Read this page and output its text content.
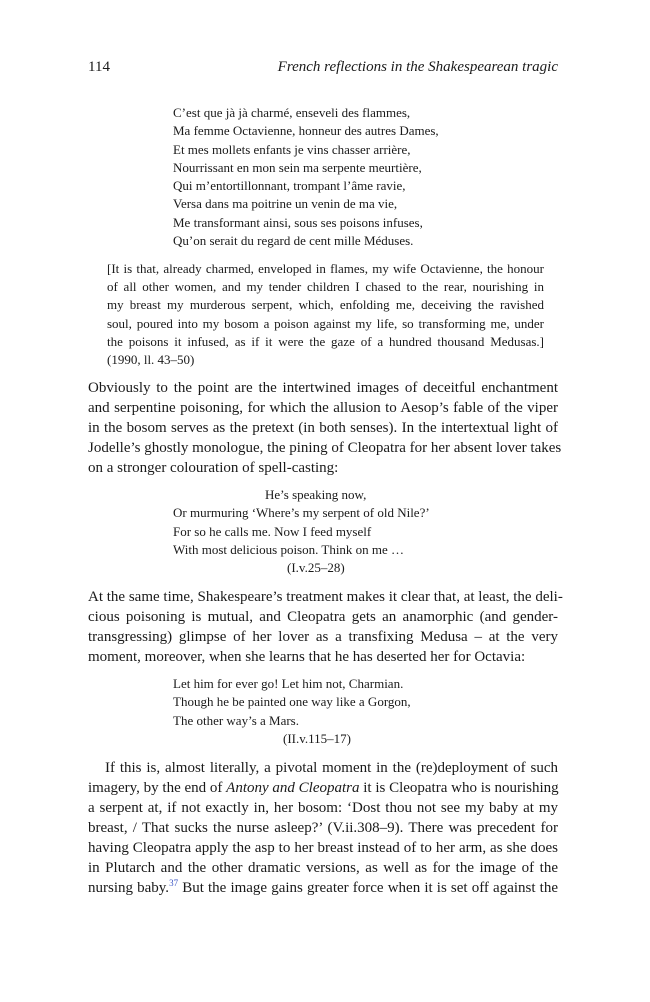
114	French reflections in the Shakespearean tragic
C’est que jà jà charmé, enseveli des flammes,
Ma femme Octavienne, honneur des autres Dames,
Et mes mollets enfants je vins chasser arrière,
Nourrissant en mon sein ma serpente meurtière,
Qui m’entortillonnant, trompant l’âme ravie,
Versa dans ma poitrine un venin de ma vie,
Me transformant ainsi, sous ses poisons infuses,
Qu’on serait du regard de cent mille Méduses.
[It is that, already charmed, enveloped in flames, my wife Octavienne, the honour
of all other women, and my tender children I chased to the rear, nourishing in
my breast my murderous serpent, which, enfolding me, deceiving the ravished
soul, poured into my bosom a poison against my life, so transforming me, under
the poisons it infused, as if it were the gaze of a hundred thousand Medusas.]
(1990, ll. 43–50)
Obviously to the point are the intertwined images of deceitful enchantment
and serpentine poisoning, for which the allusion to Aesop’s fable of the viper
in the bosom serves as the pretext (in both senses). In the intertextual light of
Jodelle’s ghostly monologue, the pining of Cleopatra for her absent lover takes
on a stronger colouration of spell-casting:
He’s speaking now,
Or murmuring ‘Where’s my serpent of old Nile?’
For so he calls me. Now I feed myself
With most delicious poison. Think on me …
(I.v.25–28)
At the same time, Shakespeare’s treatment makes it clear that, at least, the deli-
cious poisoning is mutual, and Cleopatra gets an anamorphic (and gender-
transgressing) glimpse of her lover as a transfixing Medusa – at the very
moment, moreover, when she learns that he has deserted her for Octavia:
Let him for ever go! Let him not, Charmian.
Though he be painted one way like a Gorgon,
The other way’s a Mars.
(II.v.115–17)
If this is, almost literally, a pivotal moment in the (re)deployment of such
imagery, by the end of Antony and Cleopatra it is Cleopatra who is nourishing
a serpent at, if not exactly in, her bosom: ‘Dost thou not see my baby at my
breast, / That sucks the nurse asleep?’ (V.ii.308–9). There was precedent for
having Cleopatra apply the asp to her breast instead of to her arm, as she does
in Plutarch and the other dramatic versions, as well as for the image of the
nursing baby.$^{37}$ But the image gains greater force when it is set off against the
